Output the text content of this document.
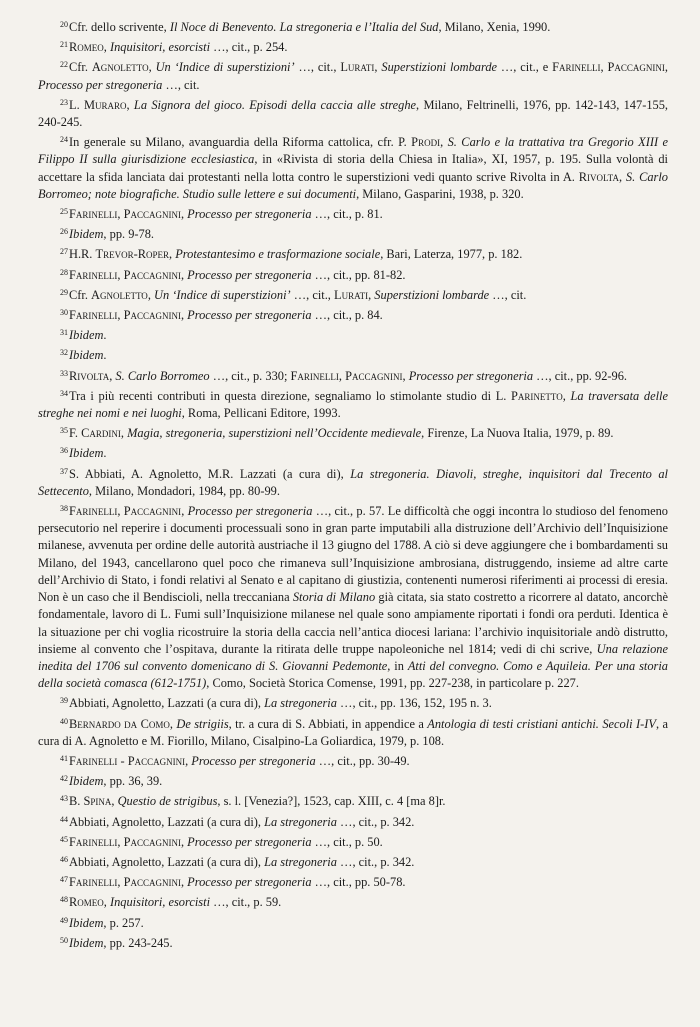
$^{20}$Cfr. dello scrivente, Il Noce di Benevento. La stregoneria e l’Italia del Sud, Milano, Xenia, 1990.

$^{21}$Romeo, Inquisitori, esorcisti …, cit., p. 254.

$^{22}$Cfr. Agnoletto, Un ‘Indice di superstizioni’ …, cit., Lurati, Superstizioni lombarde …, cit., e Farinelli, Paccagnini, Processo per stregoneria …, cit.

$^{23}$L. Muraro, La Signora del gioco. Episodi della caccia alle streghe, Milano, Feltrinelli, 1976, pp. 142-143, 147-155, 240-245.

$^{24}$In generale su Milano, avanguardia della Riforma cattolica, cfr. P. Prodi, S. Carlo e la trattativa tra Gregorio XIII e Filippo II sulla giurisdizione ecclesiastica, in «Rivista di storia della Chiesa in Italia», XI, 1957, p. 195. Sulla volontà di accettare la sfida lanciata dai protestanti nella lotta contro le superstizioni vedi quanto scrive Rivolta in A. Rivolta, S. Carlo Borromeo; note biografiche. Studio sulle lettere e sui documenti, Milano, Gasparini, 1938, p. 320.

$^{25}$Farinelli, Paccagnini, Processo per stregoneria …, cit., p. 81.

$^{26}$Ibidem, pp. 9-78.

$^{27}$H.R. Trevor-Roper, Protestantesimo e trasformazione sociale, Bari, Laterza, 1977, p. 182.

$^{28}$Farinelli, Paccagnini, Processo per stregoneria …, cit., pp. 81-82.

$^{29}$Cfr. Agnoletto, Un ‘Indice di superstizioni’ …, cit., Lurati, Superstizioni lombarde …, cit.

$^{30}$Farinelli, Paccagnini, Processo per stregoneria …, cit., p. 84.

$^{31}$Ibidem.

$^{32}$Ibidem.

$^{33}$Rivolta, S. Carlo Borromeo …, cit., p. 330; Farinelli, Paccagnini, Processo per stregoneria …, cit., pp. 92-96.

$^{34}$Tra i più recenti contributi in questa direzione, segnaliamo lo stimolante studio di L. Parinetto, La traversata delle streghe nei nomi e nei luoghi, Roma, Pellicani Editore, 1993.

$^{35}$F. Cardini, Magia, stregoneria, superstizioni nell’Occidente medievale, Firenze, La Nuova Italia, 1979, p. 89.

$^{36}$Ibidem.

$^{37}$S. Abbiati, A. Agnoletto, M.R. Lazzati (a cura di), La stregoneria. Diavoli, streghe, inquisitori dal Trecento al Settecento, Milano, Mondadori, 1984, pp. 80-99.

$^{38}$Farinelli, Paccagnini, Processo per stregoneria …, cit., p. 57. Le difficoltà che oggi incontra lo studioso del fenomeno persecutorio nel reperire i documenti processuali sono in gran parte imputabili alla distruzione dell’Archivio dell’Inquisizione milanese, avvenuta per ordine delle autorità austriache il 13 giugno del 1788. A ciò si deve aggiungere che i bombardamenti su Milano, del 1943, cancellarono quel poco che rimaneva sull’Inquisizione ambrosiana, distruggendo, insieme ad altre carte dell’Archivio di Stato, i fondi relativi al Senato e al capitano di giustizia, contenenti numerosi riferimenti ai processi di eresia. Non è un caso che il Bendiscioli, nella treccaniana Storia di Milano già citata, sia stato costretto a ricorrere al datato, ancorchè fondamentale, lavoro di L. Fumi sull’Inquisizione milanese nel quale sono ampiamente riportati i fondi ora perduti. Identica è la situazione per chi voglia ricostruire la storia della caccia nell’antica diocesi lariana: l’archivio inquisitoriale andò distrutto, insieme al convento che l’ospitava, durante la ritirata delle truppe napoleoniche nel 1814; vedi di chi scrive, Una relazione inedita del 1706 sul convento domenicano di S. Giovanni Pedemonte, in Atti del convegno. Como e Aquileia. Per una storia della società comasca (612-1751), Como, Società Storica Comense, 1991, pp. 227-238, in particolare p. 227.

$^{39}$Abbiati, Agnoletto, Lazzati (a cura di), La stregoneria …, cit., pp. 136, 152, 195 n. 3.

$^{40}$Bernardo da Como, De strigiis, tr. a cura di S. Abbiati, in appendice a Antologia di testi cristiani antichi. Secoli I-IV, a cura di A. Agnoletto e M. Fiorillo, Milano, Cisalpino-La Goliardica, 1979, p. 108.

$^{41}$Farinelli - Paccagnini, Processo per stregoneria …, cit., pp. 30-49.

$^{42}$Ibidem, pp. 36, 39.

$^{43}$B. Spina, Questio de strigibus, s. l. [Venezia?], 1523, cap. XIII, c. 4 [ma 8]r.

$^{44}$Abbiati, Agnoletto, Lazzati (a cura di), La stregoneria …, cit., p. 342.

$^{45}$Farinelli, Paccagnini, Processo per stregoneria …, cit., p. 50.

$^{46}$Abbiati, Agnoletto, Lazzati (a cura di), La stregoneria …, cit., p. 342.

$^{47}$Farinelli, Paccagnini, Processo per stregoneria …, cit., pp. 50-78.

$^{48}$Romeo, Inquisitori, esorcisti …, cit., p. 59.

$^{49}$Ibidem, p. 257.

$^{50}$Ibidem, pp. 243-245.
